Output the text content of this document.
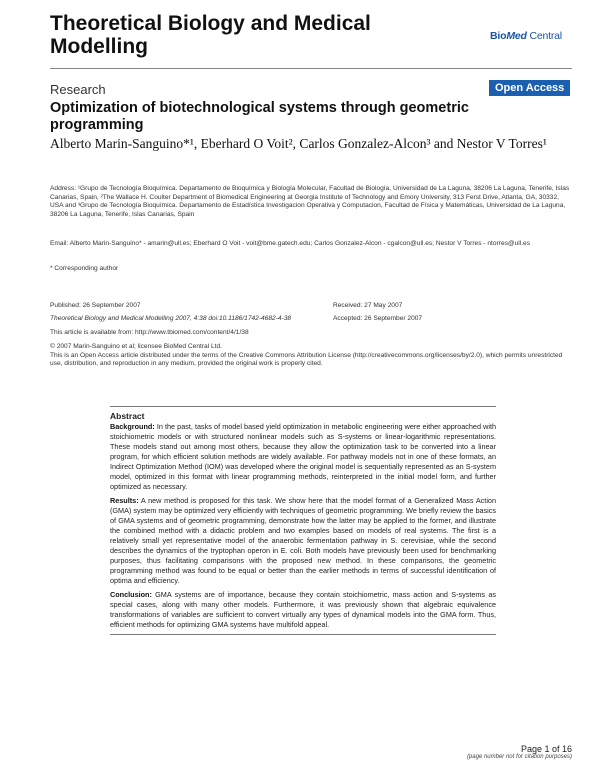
Theoretical Biology and Medical Modelling	BioMed Central
Research	Open Access
Optimization of biotechnological systems through geometric programming
Alberto Marin-Sanguino*¹, Eberhard O Voit², Carlos Gonzalez-Alcon³ and Nestor V Torres¹
Address: ¹Grupo de Tecnología Bioquímica. Departamento de Bioquímica y Biología Molecular, Facultad de Biología, Universidad de La Laguna, 38206 La Laguna, Tenerife, Islas Canarias, Spain, ²The Wallace H. Coulter Department of Biomedical Engineering at Georgia Institute of Technology and Emory University, 313 Ferst Drive, Atlanta, GA, 30332, USA and ³Grupo de Tecnología Bioquímica. Departamento de Estadística Investigacion Operativa y Computacion, Facultad de Física y Matemáticas, Universidad de La Laguna, 38206 La Laguna, Tenerife, Islas Canarias, Spain
Email: Alberto Marin-Sanguino* - amarin@ull.es; Eberhard O Voit - voit@bme.gatech.edu; Carlos Gonzalez-Alcon - cgalcon@ull.es; Nestor V Torres - ntorres@ull.es
* Corresponding author
Published: 26 September 2007
Theoretical Biology and Medical Modelling 2007, 4:38 doi:10.1186/1742-4682-4-38
Received: 27 May 2007
Accepted: 26 September 2007
This article is available from: http://www.tbiomed.com/content/4/1/38
© 2007 Marin-Sanguino et al; licensee BioMed Central Ltd.
This is an Open Access article distributed under the terms of the Creative Commons Attribution License (http://creativecommons.org/licenses/by/2.0), which permits unrestricted use, distribution, and reproduction in any medium, provided the original work is properly cited.
Abstract

Background: In the past, tasks of model based yield optimization in metabolic engineering were either approached with stoichiometric models or with structured nonlinear models such as S-systems or linear-logarithmic representations. These models stand out among most others, because they allow the optimization task to be converted into a linear program, for which efficient solution methods are widely available. For pathway models not in one of these formats, an Indirect Optimization Method (IOM) was developed where the original model is sequentially represented as an S-system model, optimized in this format with linear programming methods, reinterpreted in the initial model form, and further optimized as necessary.

Results: A new method is proposed for this task. We show here that the model format of a Generalized Mass Action (GMA) system may be optimized very efficiently with techniques of geometric programming. We briefly review the basics of GMA systems and of geometric programming, demonstrate how the latter may be applied to the former, and illustrate the combined method with a didactic problem and two examples based on models of real systems. The first is a relatively small yet representative model of the anaerobic fermentation pathway in S. cerevisiae, while the second describes the dynamics of the tryptophan operon in E. coli. Both models have previously been used for benchmarking purposes, thus facilitating comparisons with the proposed new method. In these comparisons, the geometric programming method was found to be equal or better than the earlier methods in terms of successful identification of optima and efficiency.

Conclusion: GMA systems are of importance, because they contain stoichiometric, mass action and S-systems as special cases, along with many other models. Furthermore, it was previously shown that algebraic equivalence transformations of variables are sufficient to convert virtually any types of dynamical models into the GMA form. Thus, efficient methods for optimizing GMA systems have multifold appeal.

Page 1 of 16
(page number not for citation purposes)
